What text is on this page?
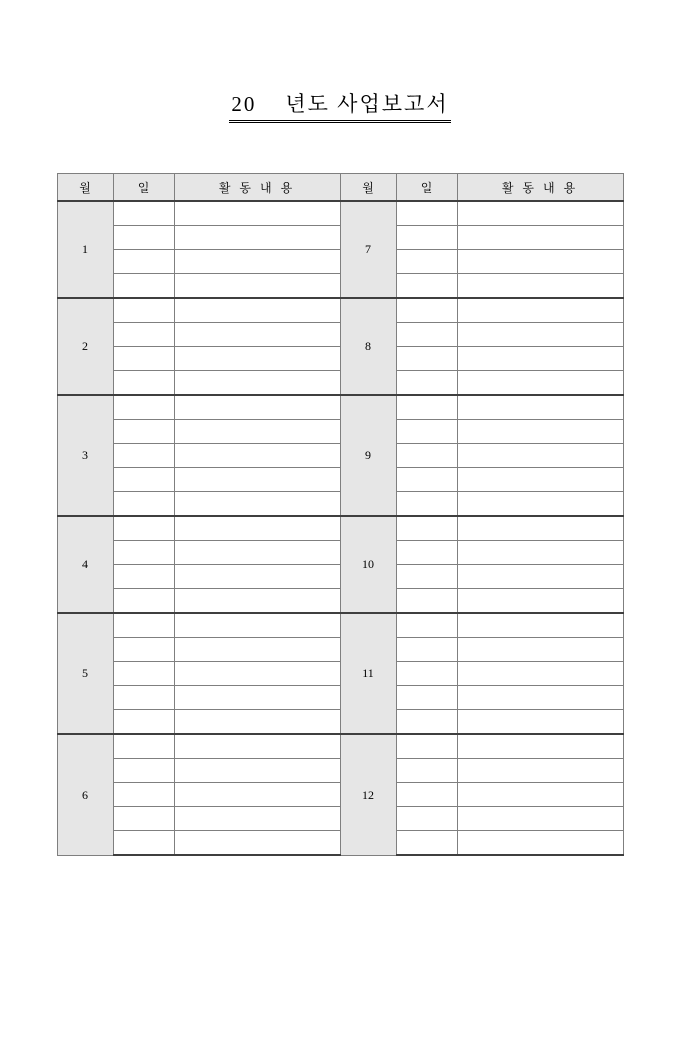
20    년도 사업보고서
월	일	활 동 내 용	월	일	활 동 내 용
1			7		

2			8		

3			9		

4			10		

5			11		

6			12		
